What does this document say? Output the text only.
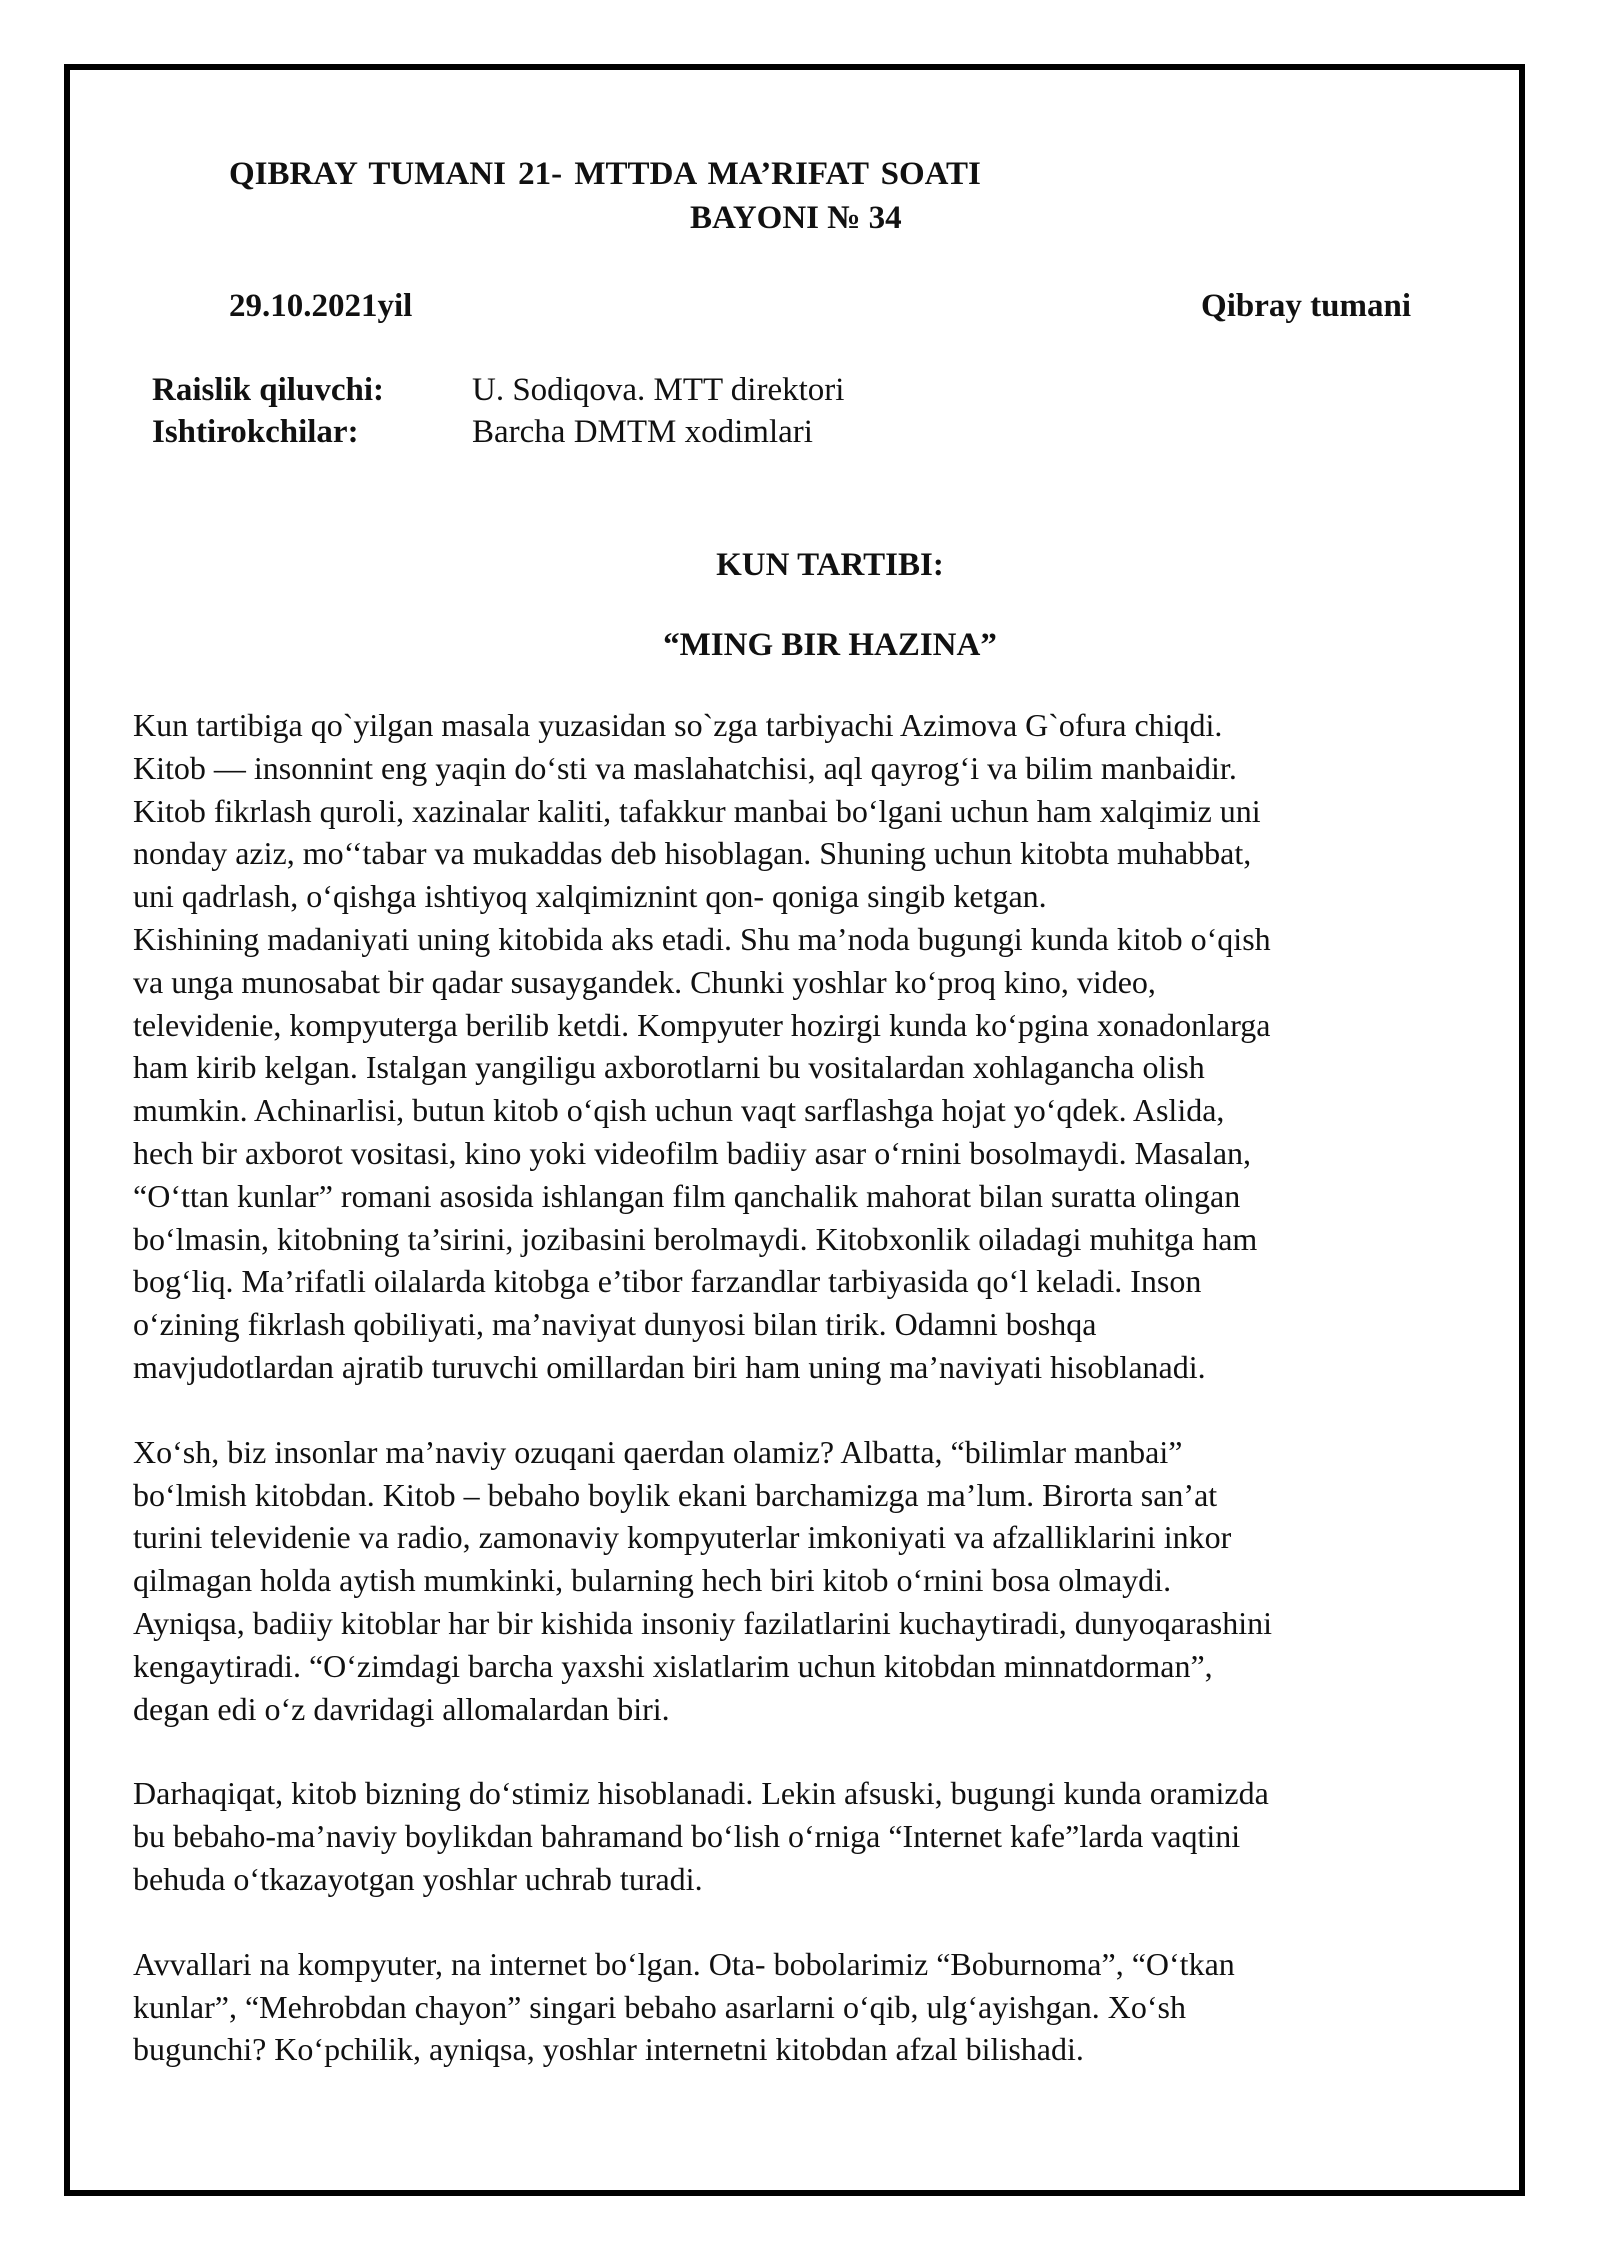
QIBRAY TUMANI 21- MTTDA MA’RIFAT SOATI
BAYONI № 34
29.10.2021yil	Qibray tumani
Raislik qiluvchi:	U. Sodiqova. MTT direktori
Ishtirokchilar:	Barcha DMTM xodimlari
KUN TARTIBI:
“MING BIR HAZINA”

Kun tartibiga qo`yilgan masala yuzasidan so`zga tarbiyachi Azimova G`ofura chiqdi.
Kitob — insonnint eng yaqin do‘sti va maslahatchisi, aql qayrog‘i va bilim manbaidir.
Kitob fikrlash quroli, xazinalar kaliti, tafakkur manbai bo‘lgani uchun ham xalqimiz uni
nonday aziz, mo‘‘tabar va mukaddas deb hisoblagan. Shuning uchun kitobta muhabbat,
uni qadrlash, o‘qishga ishtiyoq xalqimiznint qon- qoniga singib ketgan.
Kishining madaniyati uning kitobida aks etadi. Shu ma’noda bugungi kunda kitob o‘qish
va unga munosabat bir qadar susaygandek. Chunki yoshlar ko‘proq kino, video,
televidenie, kompyuterga berilib ketdi. Kompyuter hozirgi kunda ko‘pgina xonadonlarga
ham kirib kelgan. Istalgan yangiligu axborotlarni bu vositalardan xohlagancha olish
mumkin. Achinarlisi, butun kitob o‘qish uchun vaqt sarflashga hojat yo‘qdek. Aslida,
hech bir axborot vositasi, kino yoki videofilm badiiy asar o‘rnini bosolmaydi. Masalan,
“O‘ttan kunlar” romani asosida ishlangan film qanchalik mahorat bilan suratta olingan
bo‘lmasin, kitobning ta’sirini, jozibasini berolmaydi. Kitobxonlik oiladagi muhitga ham
bog‘liq. Ma’rifatli oilalarda kitobga e’tibor farzandlar tarbiyasida qo‘l keladi. Inson
o‘zining fikrlash qobiliyati, ma’naviyat dunyosi bilan tirik. Odamni boshqa
mavjudotlardan ajratib turuvchi omillardan biri ham uning ma’naviyati hisoblanadi.

Xo‘sh, biz insonlar ma’naviy ozuqani qaerdan olamiz? Albatta, “bilimlar manbai”
bo‘lmish kitobdan. Kitob – bebaho boylik ekani barchamizga ma’lum. Birorta san’at
turini televidenie va radio, zamonaviy kompyuterlar imkoniyati va afzalliklarini inkor
qilmagan holda aytish mumkinki, bularning hech biri kitob o‘rnini bosa olmaydi.
Ayniqsa, badiiy kitoblar har bir kishida insoniy fazilatlarini kuchaytiradi, dunyoqarashini
kengaytiradi. “O‘zimdagi barcha yaxshi xislatlarim uchun kitobdan minnatdorman”,
degan edi o‘z davridagi allomalardan biri.

Darhaqiqat, kitob bizning do‘stimiz hisoblanadi. Lekin afsuski, bugungi kunda oramizda
bu bebaho-ma’naviy boylikdan bahramand bo‘lish o‘rniga “Internet kafe”larda vaqtini
behuda o‘tkazayotgan yoshlar uchrab turadi.

Avvallari na kompyuter, na internet bo‘lgan. Ota- bobolarimiz “Boburnoma”, “O‘tkan
kunlar”, “Mehrobdan chayon” singari bebaho asarlarni o‘qib, ulg‘ayishgan. Xo‘sh
bugunchi? Ko‘pchilik, ayniqsa, yoshlar internetni kitobdan afzal bilishadi.
